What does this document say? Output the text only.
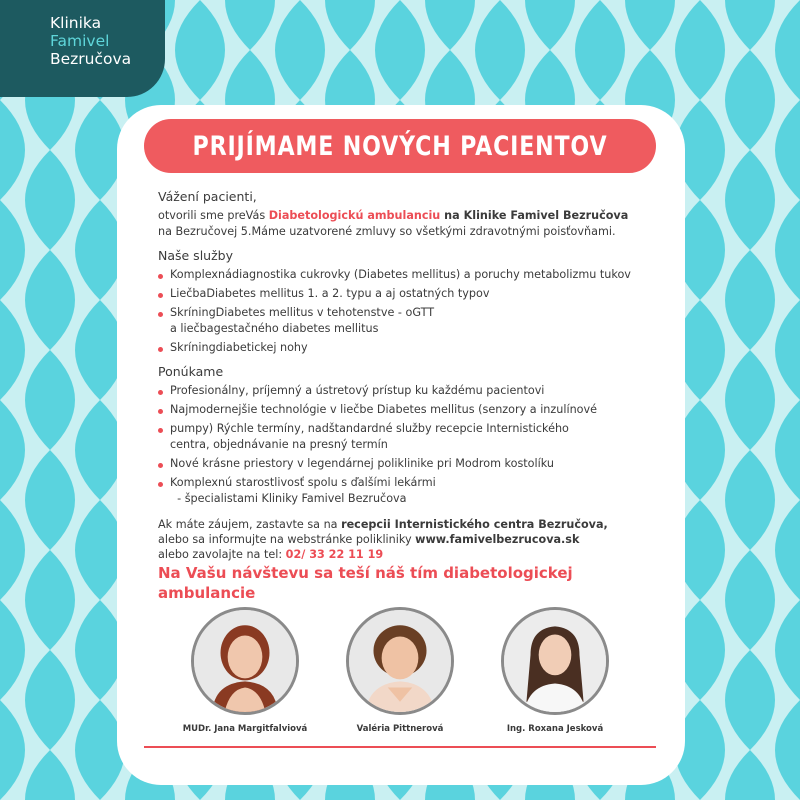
Klinika
Famivel
Bezručova
PRIJÍMAME NOVÝCH PACIENTOV

Vážení pacienti,

otvorili sme preVás Diabetologickú ambulanciu na Klinike Famivel Bezručova

na Bezručovej 5.Máme uzatvorené zmluvy so všetkými zdravotnými poisťovňami.

Naše služby

Komplexnádiagnostika cukrovky (Diabetes mellitus) a poruchy metabolizmu tukov
LiečbaDiabetes mellitus 1. a 2. typu a aj ostatných typov
SkríningDiabetes mellitus v tehotenstve - oGTT
a liečbagestačného diabetes mellitus
Skríningdiabetickej nohy

Ponúkame

Profesionálny, príjemný a ústretový prístup ku každému pacientovi
Najmodernejšie technológie v liečbe Diabetes mellitus (senzory a inzulínové
pumpy) Rýchle termíny, nadštandardné služby recepcie Internistického
centra, objednávanie na presný termín
Nové krásne priestory v legendárnej poliklinike pri Modrom kostolíku
Komplexnú starostlivosť spolu s ďalšími lekármi
- špecialistami Kliniky Famivel Bezručova

Ak máte záujem, zastavte sa na recepcii Internistického centra Bezručova,

alebo sa informujte na webstránke polikliniky www.famivelbezrucova.sk

alebo zavolajte na tel: 02/ 33 22 11 19

Na Vašu návštevu sa teší náš tím diabetologickej

ambulancie

MUDr. Jana Margitfalviová	Valéria Pittnerová	Ing. Roxana Jesková
